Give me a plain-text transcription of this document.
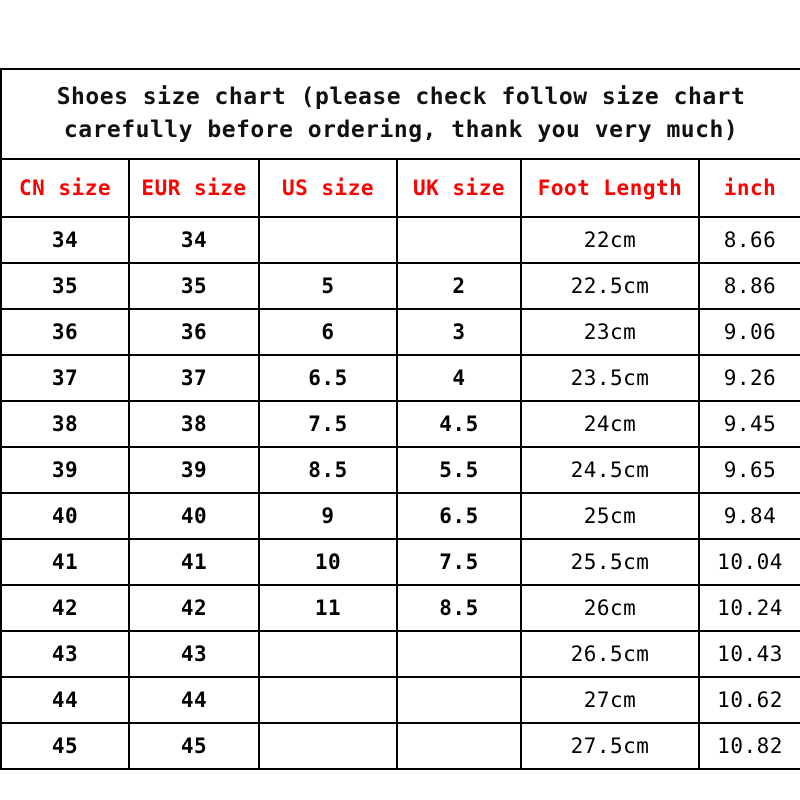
Shoes size chart (please check follow size chart carefully before ordering, thank you very much)					
CN size	EUR size	US size	UK size	Foot Length	inch
34	34			22cm	8.66
35	35	5	2	22.5cm	8.86
36	36	6	3	23cm	9.06
37	37	6.5	4	23.5cm	9.26
38	38	7.5	4.5	24cm	9.45
39	39	8.5	5.5	24.5cm	9.65
40	40	9	6.5	25cm	9.84
41	41	10	7.5	25.5cm	10.04
42	42	11	8.5	26cm	10.24
43	43			26.5cm	10.43
44	44			27cm	10.62
45	45			27.5cm	10.82
